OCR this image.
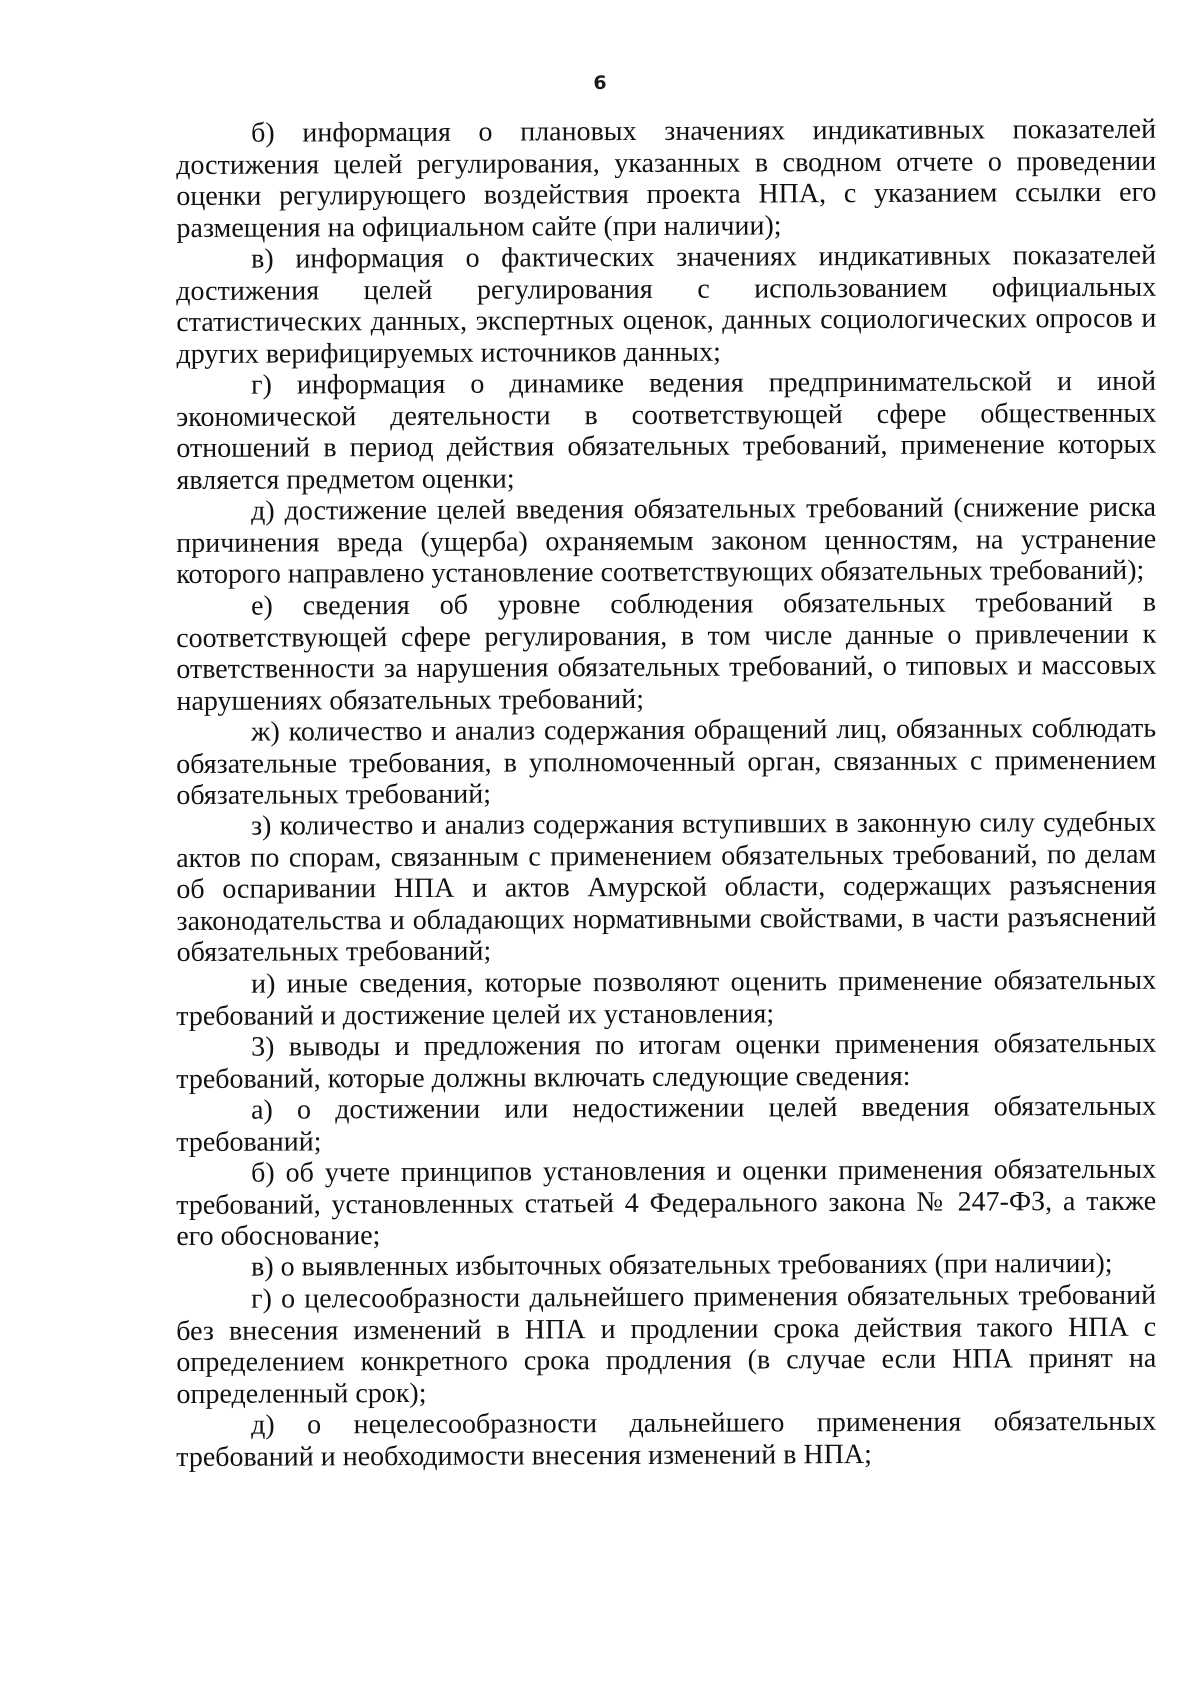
6

б) информация о плановых значениях индикативных показателей достижения целей регулирования, указанных в сводном отчете о проведении оценки регулирующего воздействия проекта НПА, с указанием ссылки его размещения на официальном сайте (при наличии);

в) информация о фактических значениях индикативных показателей достижения целей регулирования с использованием официальных статистических данных, экспертных оценок, данных социологических опросов и других верифицируемых источников данных;

г) информация о динамике ведения предпринимательской и иной экономической деятельности в соответствующей сфере общественных отношений в период действия обязательных требований, применение которых является предметом оценки;

д) достижение целей введения обязательных требований (снижение риска причинения вреда (ущерба) охраняемым законом ценностям, на устранение которого направлено установление соответствующих обязательных требований);

е) сведения об уровне соблюдения обязательных требований в соответствующей сфере регулирования, в том числе данные о привлечении к ответственности за нарушения обязательных требований, о типовых и массовых нарушениях обязательных требований;

ж) количество и анализ содержания обращений лиц, обязанных соблюдать обязательные требования, в уполномоченный орган, связанных с применением обязательных требований;

з) количество и анализ содержания вступивших в законную силу судебных актов по спорам, связанным с применением обязательных требований, по делам об оспаривании НПА и актов Амурской области, содержащих разъяснения законодательства и обладающих нормативными свойствами, в части разъяснений обязательных требований;

и) иные сведения, которые позволяют оценить применение обязательных требований и достижение целей их установления;

3) выводы и предложения по итогам оценки применения обязательных требований, которые должны включать следующие сведения:

а) о достижении или недостижении целей введения обязательных требований;

б) об учете принципов установления и оценки применения обязательных требований, установленных статьей 4 Федерального закона № 247-ФЗ, а также его обоснование;

в) о выявленных избыточных обязательных требованиях (при наличии);

г) о целесообразности дальнейшего применения обязательных требований без внесения изменений в НПА и продлении срока действия такого НПА с определением конкретного срока продления (в случае если НПА принят на определенный срок);

д) о нецелесообразности дальнейшего применения обязательных требований и необходимости внесения изменений в НПА;
